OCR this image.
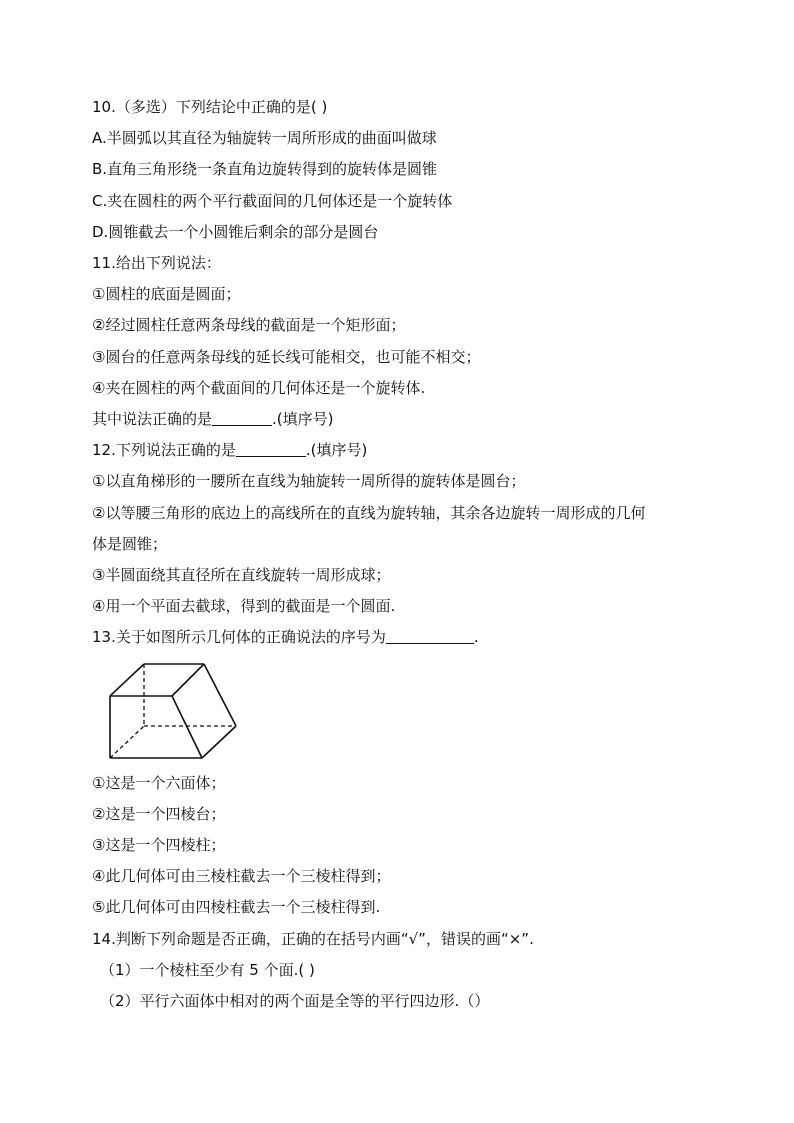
10.（多选）下列结论中正确的是( )
A.半圆弧以其直径为轴旋转一周所形成的曲面叫做球
B.直角三角形绕一条直角边旋转得到的旋转体是圆锥
C.夹在圆柱的两个平行截面间的几何体还是一个旋转体
D.圆锥截去一个小圆锥后剩余的部分是圆台
11.给出下列说法：
①圆柱的底面是圆面；
②经过圆柱任意两条母线的截面是一个矩形面；
③圆台的任意两条母线的延长线可能相交，也可能不相交；
④夹在圆柱的两个截面间的几何体还是一个旋转体.
其中说法正确的是	.(填序号)
12.下列说法正确的是	.(填序号)
①以直角梯形的一腰所在直线为轴旋转一周所得的旋转体是圆台；
②以等腰三角形的底边上的高线所在的直线为旋转轴，其余各边旋转一周形成的几何
体是圆锥；
③半圆面绕其直径所在直线旋转一周形成球；
④用一个平面去截球，得到的截面是一个圆面.
13.关于如图所示几何体的正确说法的序号为	.
①这是一个六面体；
②这是一个四棱台；
③这是一个四棱柱；
④此几何体可由三棱柱截去一个三棱柱得到；
⑤此几何体可由四棱柱截去一个三棱柱得到.
14.判断下列命题是否正确，正确的在括号内画“√”，错误的画“×”.
（1）一个棱柱至少有 5 个面.( )
（2）平行六面体中相对的两个面是全等的平行四边形.（）
